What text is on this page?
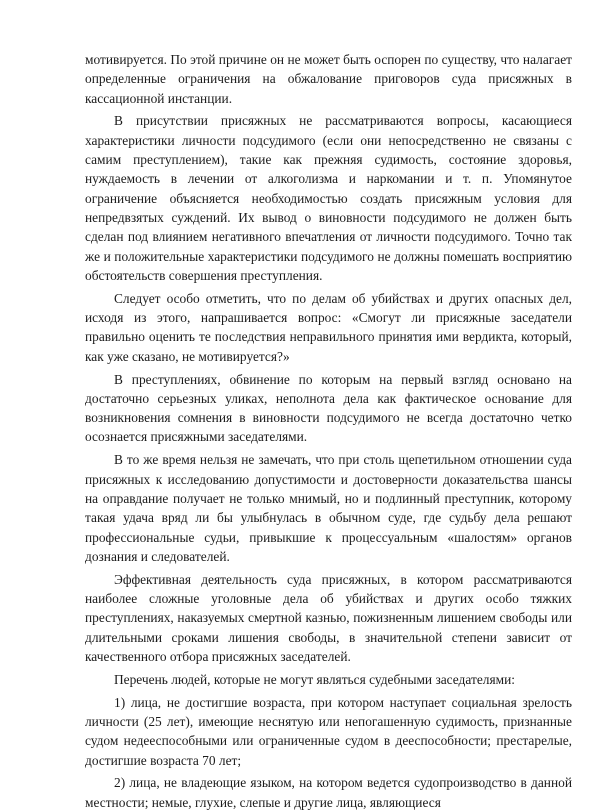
мотивируется. По этой причине он не может быть оспорен по существу, что налагает определенные ограничения на обжалование приговоров суда присяжных в кассационной инстанции.

В присутствии присяжных не рассматриваются вопросы, касающиеся характеристики личности подсудимого (если они непосредственно не связаны с самим преступлением), такие как прежняя судимость, состояние здоровья, нуждаемость в лечении от алкоголизма и наркомании и т. п. Упомянутое ограничение объясняется необходимостью создать присяжным условия для непредвзятых суждений. Их вывод о виновности подсудимого не должен быть сделан под влиянием негативного впечатления от личности подсудимого. Точно так же и положительные характеристики подсудимого не должны помешать восприятию обстоятельств совершения преступления.

Следует особо отметить, что по делам об убийствах и других опасных дел, исходя из этого, напрашивается вопрос: «Смогут ли присяжные заседатели правильно оценить те последствия неправильного принятия ими вердикта, который, как уже сказано, не мотивируется?»

В преступлениях, обвинение по которым на первый взгляд основано на достаточно серьезных уликах, неполнота дела как фактическое основание для возникновения сомнения в виновности подсудимого не всегда достаточно четко осознается присяжными заседателями.

В то же время нельзя не замечать, что при столь щепетильном отношении суда присяжных к исследованию допустимости и достоверности доказательства шансы на оправдание получает не только мнимый, но и подлинный преступник, которому такая удача вряд ли бы улыбнулась в обычном суде, где судьбу дела решают профессиональные судьи, привыкшие к процессуальным «шалостям» органов дознания и следователей.

Эффективная деятельность суда присяжных, в котором рассматриваются наиболее сложные уголовные дела об убийствах и других особо тяжких преступлениях, наказуемых смертной казнью, пожизненным лишением свободы или длительными сроками лишения свободы, в значительной степени зависит от качественного отбора присяжных заседателей.

Перечень людей, которые не могут являться судебными заседателями:

1) лица, не достигшие возраста, при котором наступает социальная зрелость личности (25 лет), имеющие неснятую или непогашенную судимость, признанные судом недееспособными или ограниченные судом в дееспособности; престарелые, достигшие возраста 70 лет;

2) лица, не владеющие языком, на котором ведется судопроизводство в данной местности; немые, глухие, слепые и другие лица, являющиеся
